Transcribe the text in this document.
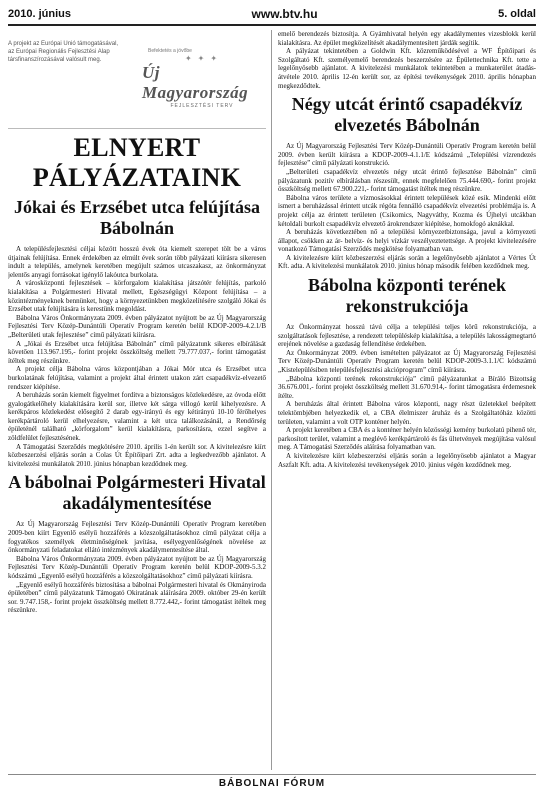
2010. június	www.btv.hu	5. oldal
A projekt az Európai Unió támogatásával, az Európai Regionális Fejlesztési Alap társfinanszírozásával valósult meg.
Befektetés a jövőbe
✦ ✦ ✦
Új Magyarország
FEJLESZTÉSI TERV
ELNYERT PÁLYÁZATAINK
Jókai és Erzsébet utca felújítása Bábolnán

A településfejlesztési céljai között hosszú évek óta kiemelt szerepet tölt be a város útjainak felújítása. Ennek érdekében az elmúlt évek során több pályázati kiírásra sikeresen indult a település, amelynek keretében megújult számos utcaszakasz, az önkormányzat jelentős anyagi forrásokat igénylő lakóutca burkolata.

A városközponti fejlesztések – körforgalom kialakítása játszótér felújítás, parkoló kialakítása a Polgármesteri Hivatal mellett, Egészségügyi Központ felújítása – a közintézményeknek bennünket, hogy a környezetünkben megközelítésére szolgáló Jókai és Erzsébet utak felújítására is kerestünk megoldást.

Bábolna Város Önkormányzata 2009. évben pályázatot nyújtott be az Új Magyarország Fejlesztési Terv Közép-Dunántúli Operatív Program keretén belül KDOP-2009-4.2.1/B „Belterületi utak fejlesztése” című pályázati kiírásra.

A „Jókai és Erzsébet utca felújítása Bábolnán” című pályázatunk sikeres elbírálását követően 113.967.195,- forint projekt összköltség mellett 79.777.037,- forint támogatást ítéltek meg részünkre.

A projekt célja Bábolna város központjában a Jókai Mór utca és Erzsébet utca burkolatának felújítása, valamint a projekt által érintett utakon zárt csapadékvíz-elvezető rendszer kiépítése.

A beruházás során kiemelt figyelmet fordítva a biztonságos közlekedésre, az óvoda előtt gyalogátkelőhely kialakítására kerül sor, illetve két sárga villogó kerül kihelyezésre. A kerékpáros közlekedést elősegítő 2 darab egy-irányú és egy kétirányú 10-10 férőhelyes kerékpártároló kerül elhelyezésre, valamint a két utca találkozásánál, a Rendőrség épületénél található „körforgalom” kerül kialakításra, parkosításra, ezzel segítve a zöldfelület fejlesztésének.

A Támogatási Szerződés megkötésére 2010. április 1-én került sor. A kivitelezésre kiírt közbeszerzési eljárás során a Colas Út Építőipari Zrt. adta a legkedvezőbb ajánlatot. A kivitelezési munkálatok 2010. június hónapban kezdődnek meg.

A bábolnai Polgármesteri Hivatal akadálymentesítése

Az Új Magyarország Fejlesztési Terv Közép-Dunántúli Operatív Program keretében 2009-ben kiírt Egyenlő esélyű hozzáférés a közszolgáltatásokhoz című pályázat célja a fogyatékos személyek életminőségének javítása, esélyegyenlőségének növelése az önkormányzati feladatokat ellátó intézmények akadálymentesítése által.

Bábolna Város Önkormányzata 2009. évben pályázatot nyújtott be az Új Magyarország Fejlesztési Terv Közép-Dunántúli Operatív Program keretén belül KDOP-2009-5.3.2 kódszámú „Egyenlő esélyű hozzáférés a közszolgáltatásokhoz” című pályázati kiírásra.

„Egyenlő esélyű hozzáférés biztosítása a bábolnai Polgármesteri hivatal és Okmányiroda épületében” című pályázatunk Támogató Okiratának aláírására 2009. október 29-én került sor. 9.747.158,- forint projekt összköltség mellett 8.772.442,- forint támogatást ítéltek meg részünkre.

emelő berendezés biztosítja. A Gyámhivatal helyén egy akadálymentes vizesblokk kerül kialakításra. Az épület megközelítését akadálymentesített járdák segítik.

A pályázat tekintetében a Goldwin Kft. közreműködésével a WF Építőipari és Szolgáltató Kft. személyemelő berendezés beszerzésére az Épülettechnika Kft. tette a legelőnyösebb ajánlatot. A kivitelezési munkálatok tekintetében a munkaterület átadás-átvétele 2010. április 12-én került sor, az építési tevékenységek 2010. április hónapban megkezdődtek.

Négy utcát érintő csapadékvíz elvezetés Bábolnán

Az Új Magyarország Fejlesztési Terv Közép-Dunántúli Operatív Program keretén belül 2009. évben került kiírásra a KDOP-2009-4.1.1/E kódszámú „Települési vízrendezés fejlesztése” című pályázati konstrukció.

„Belterületi csapadékvíz elvezetés négy utcát érintő fejlesztése Bábolnán” című pályázatunk pozitív elbírálásban részesült, ennek megfelelően 75.444.690,- forint projekt összköltség mellett 67.900.221,- forint támogatást ítéltek meg részünkre.

Bábolna város területe a vízmosásokkal érintett települések közé esik. Mindenki előtt ismert a beruházással érintett utcák régóta fennálló csapadékvíz elvezetési problémája is. A projekt célja az érintett területen (Csikomics, Nagyváthy, Kozma és Újhelyi utcákban kétoldali burkolt csapadékvíz elvezető árokrendszer kiépítése, homokfogó aknákkal.

A beruházás következtében nő a települési környezetbiztonsága, javul a környezeti állapot, csökken az ár- belvíz- és helyi vízkár veszélyeztetettsége. A projekt kivitelezésére vonatkozó Támogatási Szerződés megkötése folyamatban van.

A kivitelezésre kiírt közbeszerzési eljárás során a legelőnyösebb ajánlatot a Vértes Út Kft. adta. A kivitelezési munkálatok 2010. június hónap második felében kezdődnek meg.

Bábolna központi terének rekonstrukciója

Az Önkormányzat hosszú távú célja a települési teljes körű rekonstrukciója, a szolgáltatások fejlesztése, a rendezett településkép kialakítása, a település lakosságmegtartó erejének növelése a gazdaság fellendítése érdekében.

Az Önkormányzat 2009. évben ismételten pályázatot az Új Magyarország Fejlesztési Terv Közép-Dunántúli Operatív Program keretén belül KDOP-2009-3.1.1/C kódszámú „Kistelepülésiben településfejlesztési akcióprogram” című kiírásra.

„Bábolna központi terének rekonstrukciója” című pályázatunkat a Bíráló Bizottság 36.676.001,- forint projekt összköltség mellett 31.670.914,- forint támogatásra érdemesnek ítélte.

A beruházás által érintett Bábolna város központi, nagy részt üzletekkel beépített telektömbjében helyezkedik el, a CBA élelmiszer áruház és a Szolgáltatóház közötti területen, valamint a volt OTP konténer helyén.

A projekt keretében a CBA és a konténer helyén közösségi kemény burkolatú pihenő tér, parkosított terület, valamint a meglévő kerékpártároló és fás ültetvények megújítása valósul meg. A Támogatási Szerződés aláírása folyamatban van.

A kivitelezésre kiírt közbeszerzési eljárás során a legelőnyösebb ajánlatot a Magyar Aszfalt Kft. adta. A kivitelezési tevékenységek 2010. június végén kezdődnek meg.

BÁBOLNAI FÓRUM
